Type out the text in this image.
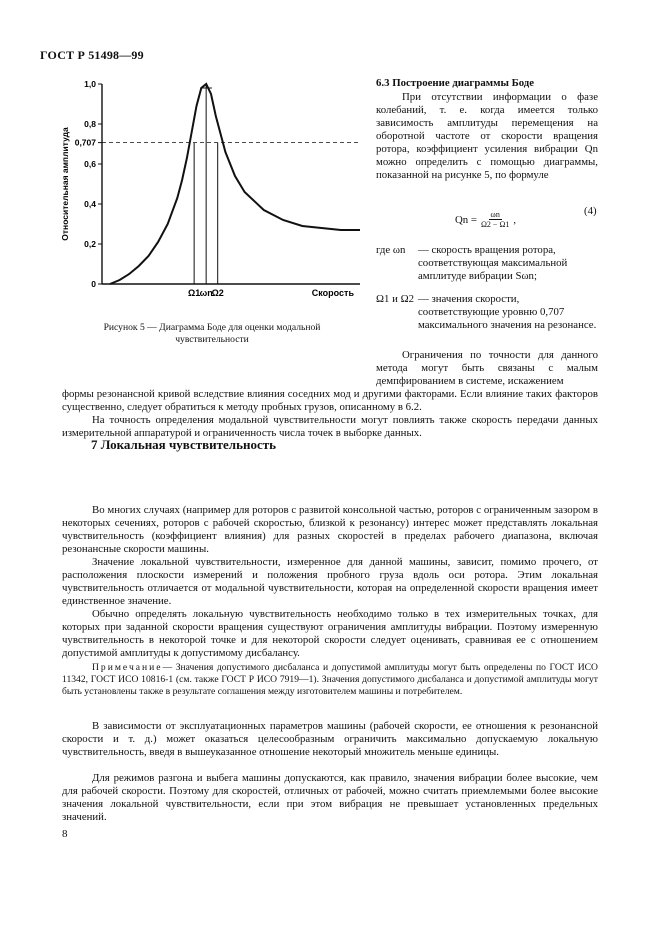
ГОСТ Р 51498—99
0
0,2
0,4
0,6
0,707
0,8
1,0
Относительная амплитуда
Ω1 ωn
Ω2	Скорость
Рисунок 5 — Диаграмма Боде для оценки модальной
чувствительности
6.3 Построение диаграммы Боде
При отсутствии информации о фазе колебаний, т. е. когда имеется только зависимость амплитуды перемещения на оборотной частоте от скорости вращения ротора, коэффициент усиления вибрации Qn можно определить с помощью диаграммы, показанной на рисунке 5, по формуле
$Qn = \frac{\omega n}{\Omega 2 - \Omega 1}$ ,
(4)
где ωn	— скорость вращения ротора, соответствующая максимальной амплитуде вибрации Sωn;
Ω1 и Ω2 — значения скорости, соответствующие уровню 0,707 максимального значения на резонансе.
Ограничения по точности для данного метода могут быть связаны с малым демпфированием в системе, искажением
формы резонансной кривой вследствие влияния соседних мод и другими факторами. Если влияние таких факторов существенно, следует обратиться к методу пробных грузов, описанному в 6.2.
На точность определения модальной чувствительности могут повлиять также скорость передачи данных измерительной аппаратурой и ограниченность числа точек в выборке данных.
7 Локальная чувствительность
Во многих случаях (например для роторов с развитой консольной частью, роторов с ограниченным зазором в некоторых сечениях, роторов с рабочей скоростью, близкой к резонансу) интерес может представлять локальная чувствительность (коэффициент влияния) для разных скоростей в пределах рабочего диапазона, включая резонансные скорости машины.
Значение локальной чувствительности, измеренное для данной машины, зависит, помимо прочего, от расположения плоскости измерений и положения пробного груза вдоль оси ротора. Этим локальная чувствительность отличается от модальной чувствительности, которая на определенной скорости вращения имеет единственное значение.
Обычно определять локальную чувствительность необходимо только в тех измерительных точках, для которых при заданной скорости вращения существуют ограничения амплитуды вибрации. Поэтому измеренную чувствительность в некоторой точке и для некоторой скорости следует оценивать, сравнивая ее с отношением допустимой амплитуды к допустимому дисбалансу.
Примечание— Значения допустимого дисбаланса и допустимой амплитуды могут быть определены по ГОСТ ИСО 11342, ГОСТ ИСО 10816-1 (см. также ГОСТ Р ИСО 7919—1). Значения допустимого дисбаланса и допустимой амплитуды могут быть установлены также в результате соглашения между изготовителем машины и потребителем.
В зависимости от эксплуатационных параметров машины (рабочей скорости, ее отношения к резонансной скорости и т. д.) может оказаться целесообразным ограничить максимально допускаемую локальную чувствительность, введя в вышеуказанное отношение некоторый множитель меньше единицы.
Для режимов разгона и выбега машины допускаются, как правило, значения вибрации более высокие, чем для рабочей скорости. Поэтому для скоростей, отличных от рабочей, можно считать приемлемыми более высокие значения локальной чувствительности, если при этом вибрация не превышает установленных предельных значений.
8
